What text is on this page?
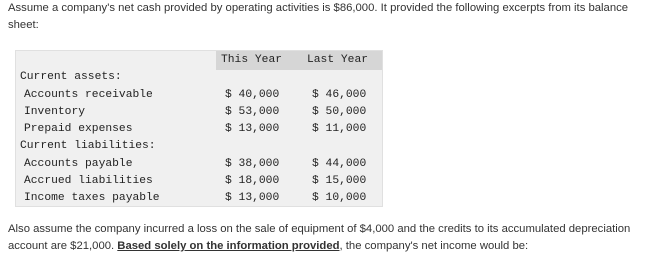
Assume a company's net cash provided by operating activities is $86,000. It provided the following excerpts from its balance sheet:
This Year Last Year
Current assets:
Accounts receivable	$ 40,000	$ 46,000
Inventory	$ 53,000	$ 50,000
Prepaid expenses	$ 13,000	$ 11,000
Current liabilities:
Accounts payable	$ 38,000	$ 44,000
Accrued liabilities	$ 18,000	$ 15,000
Income taxes payable	$ 13,000	$ 10,000
Also assume the company incurred a loss on the sale of equipment of $4,000 and the credits to its accumulated depreciation account are $21,000. Based solely on the information provided, the company's net income would be:
